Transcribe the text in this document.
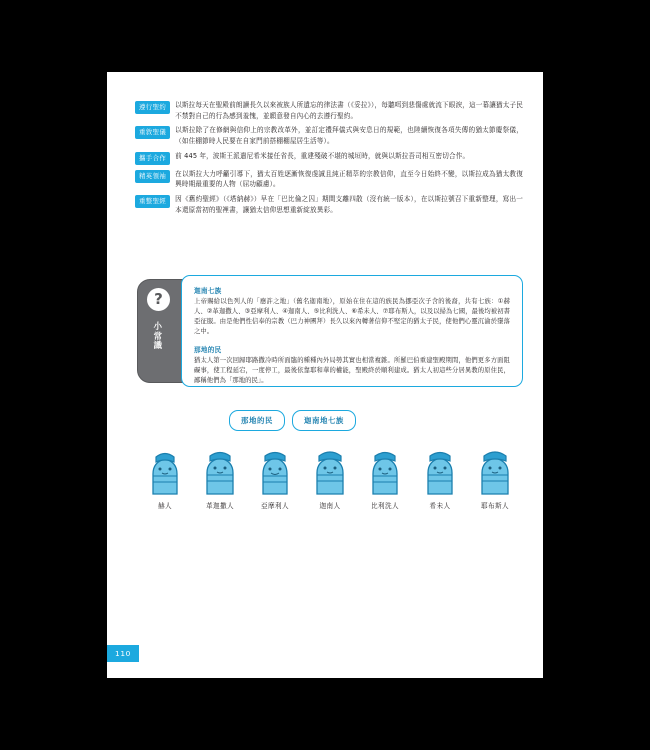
遵行聖約	以斯拉每天在聖殿前朗讀長久以來被族人所遺忘的律法書（《妥拉》），每聽咡到悲傷處就流下眼淚，這一幕讓猶太子民不禁對自己的行為感到羞愧，並願意發自內心的去遵行聖約。
重敘聖儀	以斯拉除了在修網與信仰上的宗教改革外，並訂定禮拜儀式與安息日的規範，也陸續恢復各項失傳的猶太節慶祭儀，（如住棚節時人民要在自家門前搭棚棚屋居生活等）。
攜手合作	前 445 年，波斯王派遣尼希米接任省長，重建殘破不堪的城垣時，就與以斯拉吾司相互密切合作。
精英領袖	在以斯拉大力呼籲引導下，猶太百姓逐漸恢復虔誠且純正精萃的宗教信仰，直至今日始終不變，以斯拉成為猶太教復興時期最重要的人物（屈功顧慮）。
重整聖經	因《舊約聖經》（《塔納赫》）早在「巴比倫之囚」期間支離四散（沒有統一版本），在以斯拉號召下重新整理，寫出一本還原當初的聖裡書，讓猶太信仰思想重新綻放異彩。
?
小常識

迦南七族

上帝賜給以色列人的「應許之地」（舊名迦南地），原始在住在這的族民為挪亞次子含的後裔，共有七族：①赫人、②革迦撒人、③亞摩利人、④迦南人、⑤比利洗人、⑥希未人、⑦耶布斯人，以及以掃為七國，最後均被初書亞征服。由是他們性信奉的宗教（巴力神團拜）長久以來內轉著信仰不堅定的猶太子民，使他們心靈沉淪於墮落之中。

那地的民

猶太人第一次回歸耶路撒冷時所面臨的種種內外局勢其實也相當複雜。所羅巴伯重建聖殿期間，他們更多方面阻礙事，使工程延宕，一度停工，最後依靠耶和華的權能，聖殿終於順利建成。猶太人初這些分居異教的原住民，鄙稱他們為「那地的民」。

那地的民	迦南地七族
赫人	革迦撒人	亞摩利人	迦南人	比利洗人	希未人	耶布斯人
110
